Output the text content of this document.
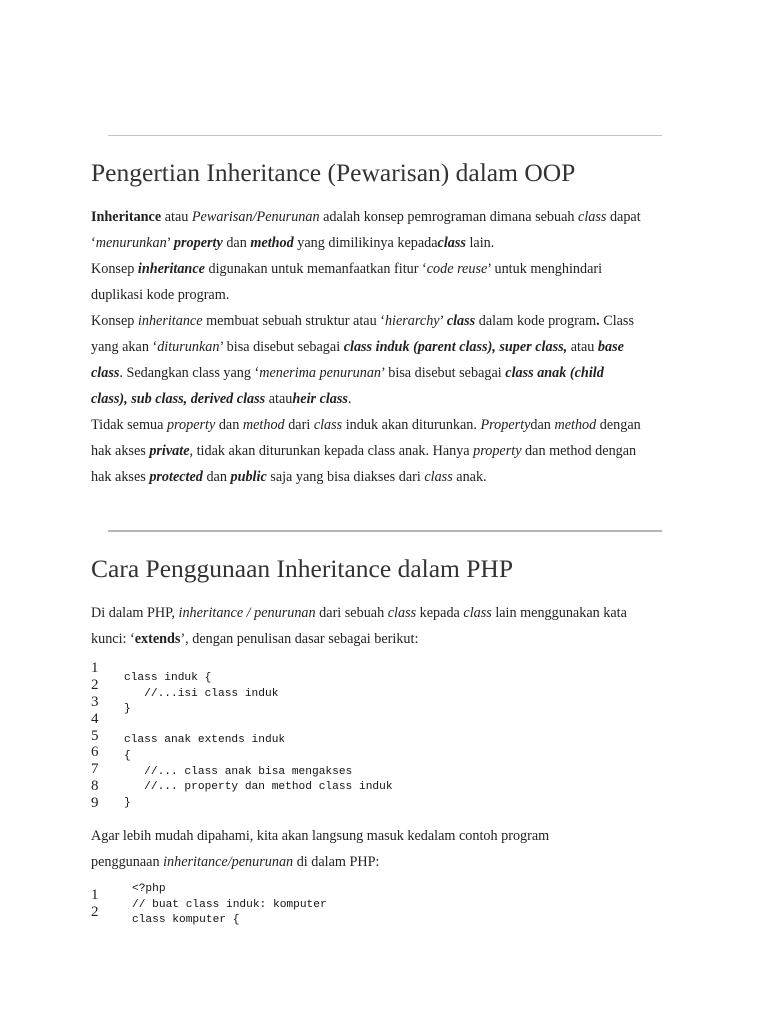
Pengertian Inheritance (Pewarisan) dalam OOP
Inheritance atau Pewarisan/Penurunan adalah konsep pemrograman dimana sebuah class dapat
‘menurunkan’ property dan method yang dimilikinya kepadaclass lain.
Konsep inheritance digunakan untuk memanfaatkan fitur ‘code reuse’ untuk menghindari
duplikasi kode program.
Konsep inheritance membuat sebuah struktur atau ‘hierarchy’ class dalam kode program. Class
yang akan ‘diturunkan’ bisa disebut sebagai class induk (parent class), super class, atau base
class. Sedangkan class yang ‘menerima penurunan’ bisa disebut sebagai class anak (child
class), sub class, derived class atauheir class.
Tidak semua property dan method dari class induk akan diturunkan. Propertydan method dengan
hak akses private, tidak akan diturunkan kepada class anak. Hanya property dan method dengan
hak akses protected dan public saja yang bisa diakses dari class anak.
Cara Penggunaan Inheritance dalam PHP
Di dalam PHP, inheritance / penurunan dari sebuah class kepada class lain menggunakan kata
kunci: ‘extends’, dengan penulisan dasar sebagai berikut:
1
2
3
4
5
6
7
8
9
class induk {
//...isi class induk
}
class anak extends induk
{
//... class anak bisa mengakses
//... property dan method class induk
}
Agar lebih mudah dipahami, kita akan langsung masuk kedalam contoh program
penggunaan inheritance/penurunan di dalam PHP:
1
2
<?php
// buat class induk: komputer
class komputer {
